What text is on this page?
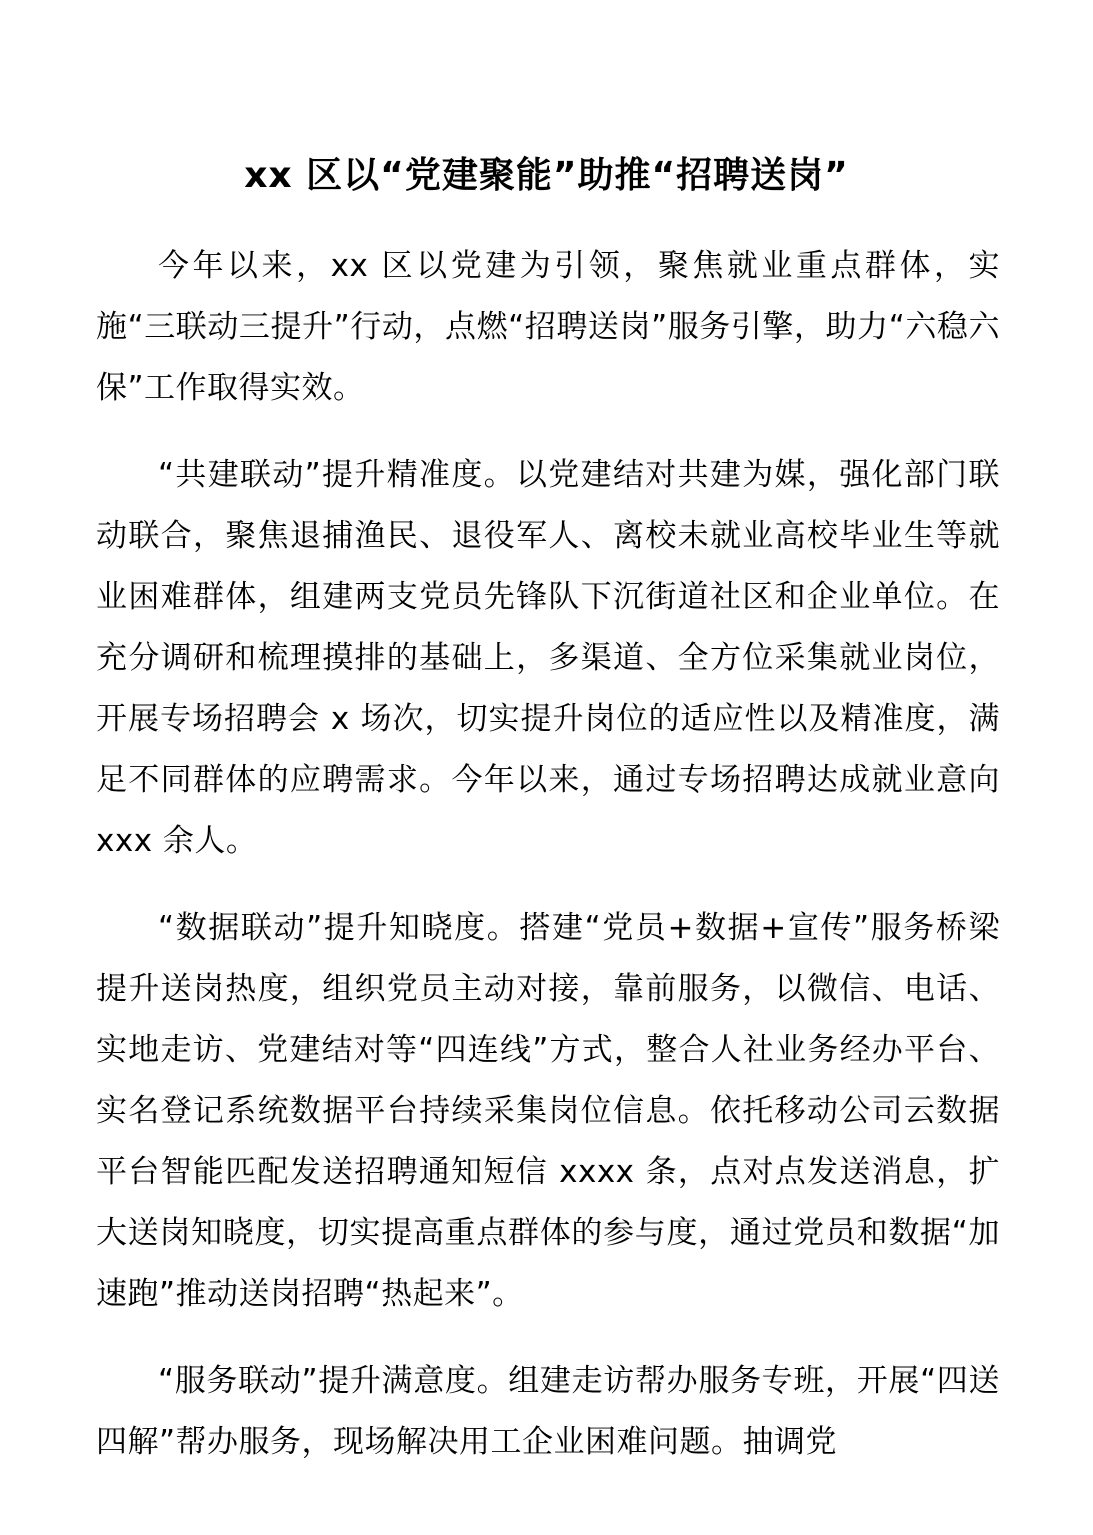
xx 区以“党建聚能”助推“招聘送岗”

今年以来，xx 区以党建为引领，聚焦就业重点群体，实施“三联动三提升”行动，点燃“招聘送岗”服务引擎，助力“六稳六保”工作取得实效。

“共建联动”提升精准度。以党建结对共建为媒，强化部门联动联合，聚焦退捕渔民、退役军人、离校未就业高校毕业生等就业困难群体，组建两支党员先锋队下沉街道社区和企业单位。在充分调研和梳理摸排的基础上，多渠道、全方位采集就业岗位，开展专场招聘会 x 场次，切实提升岗位的适应性以及精准度，满足不同群体的应聘需求。今年以来，通过专场招聘达成就业意向 xxx 余人。

“数据联动”提升知晓度。搭建“党员+数据+宣传”服务桥梁提升送岗热度，组织党员主动对接，靠前服务，以微信、电话、实地走访、党建结对等“四连线”方式，整合人社业务经办平台、实名登记系统数据平台持续采集岗位信息。依托移动公司云数据平台智能匹配发送招聘通知短信 xxxx 条，点对点发送消息，扩大送岗知晓度，切实提高重点群体的参与度，通过党员和数据“加速跑”推动送岗招聘“热起来”。

“服务联动”提升满意度。组建走访帮办服务专班，开展“四送四解”帮办服务，现场解决用工企业困难问题。抽调党
